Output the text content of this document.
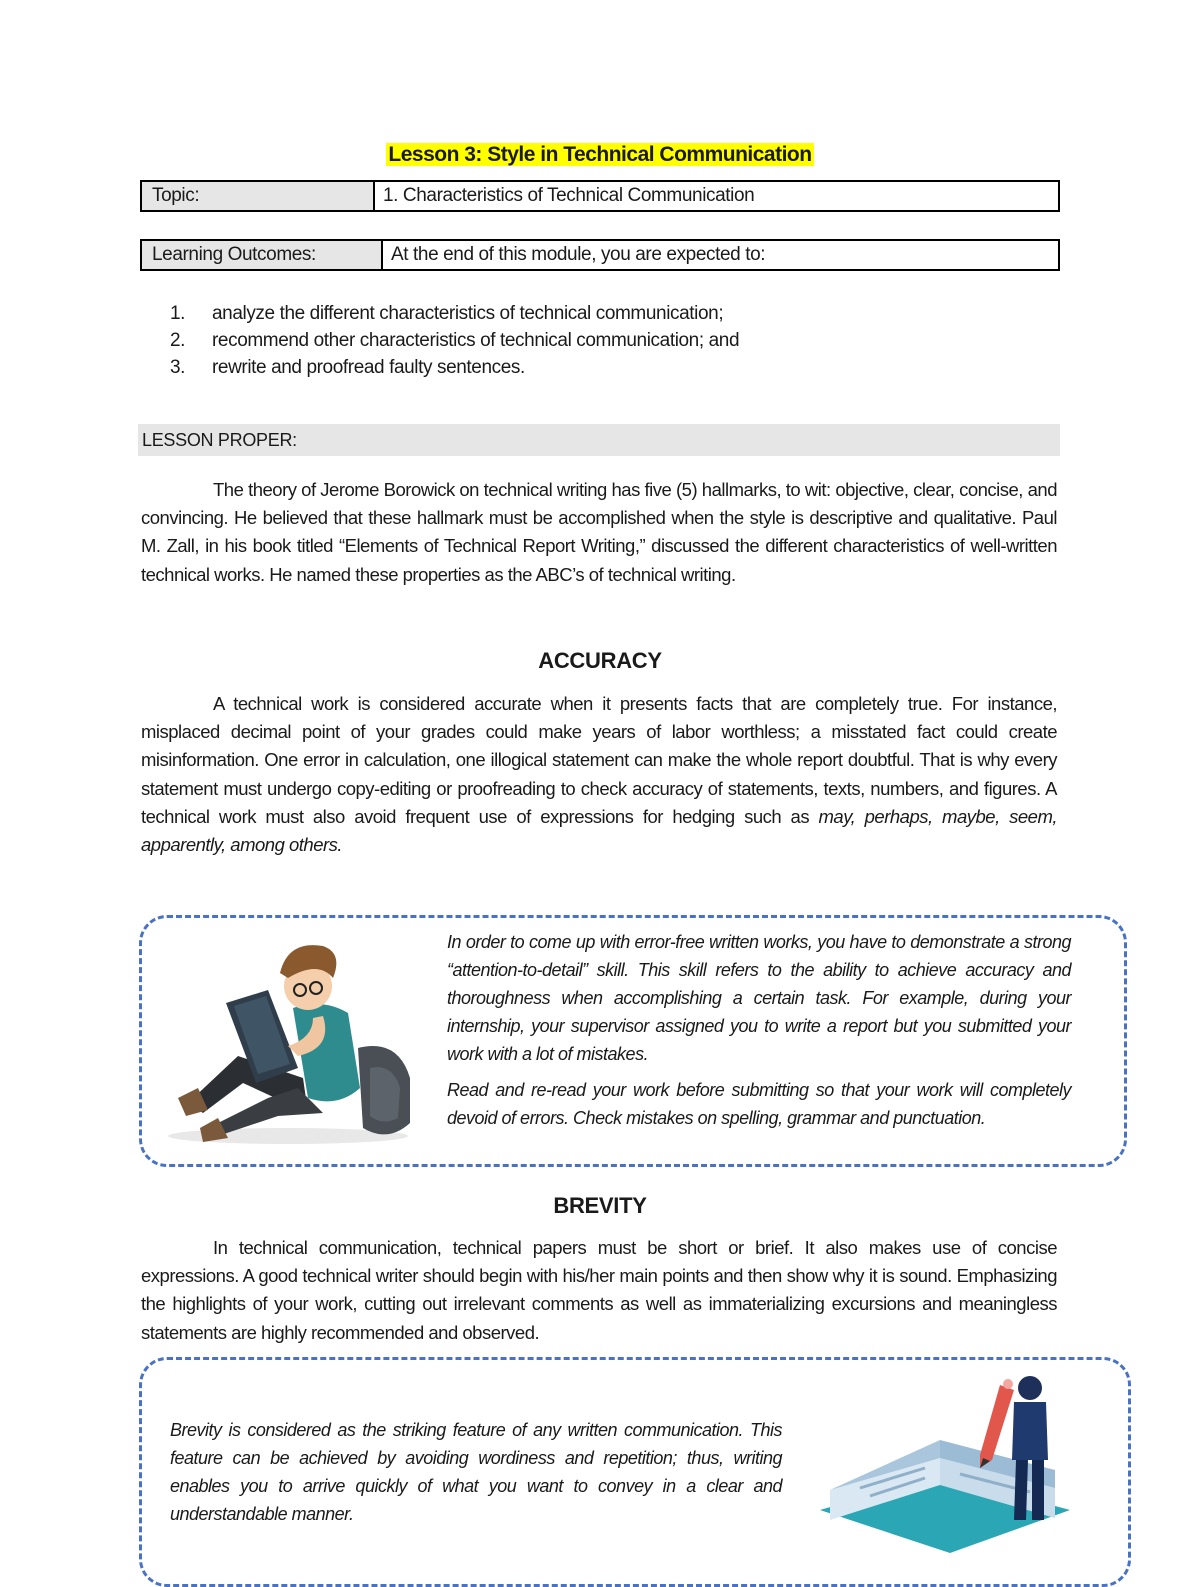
Lesson 3: Style in Technical Communication
Topic:	1. Characteristics of Technical Communication
Learning Outcomes:	At the end of this module, you are expected to:
1.	analyze the different characteristics of technical communication;
2.	recommend other characteristics of technical communication; and
3.	rewrite and proofread faulty sentences.
LESSON PROPER:
The theory of Jerome Borowick on technical writing has five (5) hallmarks, to wit: objective, clear, concise, and convincing. He believed that these hallmark must be accomplished when the style is descriptive and qualitative. Paul M. Zall, in his book titled “Elements of Technical Report Writing,” discussed the different characteristics of well-written technical works. He named these properties as the ABC’s of technical writing.
ACCURACY
A technical work is considered accurate when it presents facts that are completely true. For instance, misplaced decimal point of your grades could make years of labor worthless; a misstated fact could create misinformation. One error in calculation, one illogical statement can make the whole report doubtful. That is why every statement must undergo copy-editing or proofreading to check accuracy of statements, texts, numbers, and figures. A technical work must also avoid frequent use of expressions for hedging such as may, perhaps, maybe, seem, apparently, among others.

In order to come up with error-free written works, you have to demonstrate a strong “attention-to-detail” skill. This skill refers to the ability to achieve accuracy and thoroughness when accomplishing a certain task. For example, during your internship, your supervisor assigned you to write a report but you submitted your work with a lot of mistakes.

Read and re-read your work before submitting so that your work will completely devoid of errors. Check mistakes on spelling, grammar and punctuation.

BREVITY
In technical communication, technical papers must be short or brief. It also makes use of concise expressions. A good technical writer should begin with his/her main points and then show why it is sound. Emphasizing the highlights of your work, cutting out irrelevant comments as well as immaterializing excursions and meaningless statements are highly recommended and observed.

Brevity is considered as the striking feature of any written communication. This feature can be achieved by avoiding wordiness and repetition; thus, writing enables you to arrive quickly of what you want to convey in a clear and understandable manner.
